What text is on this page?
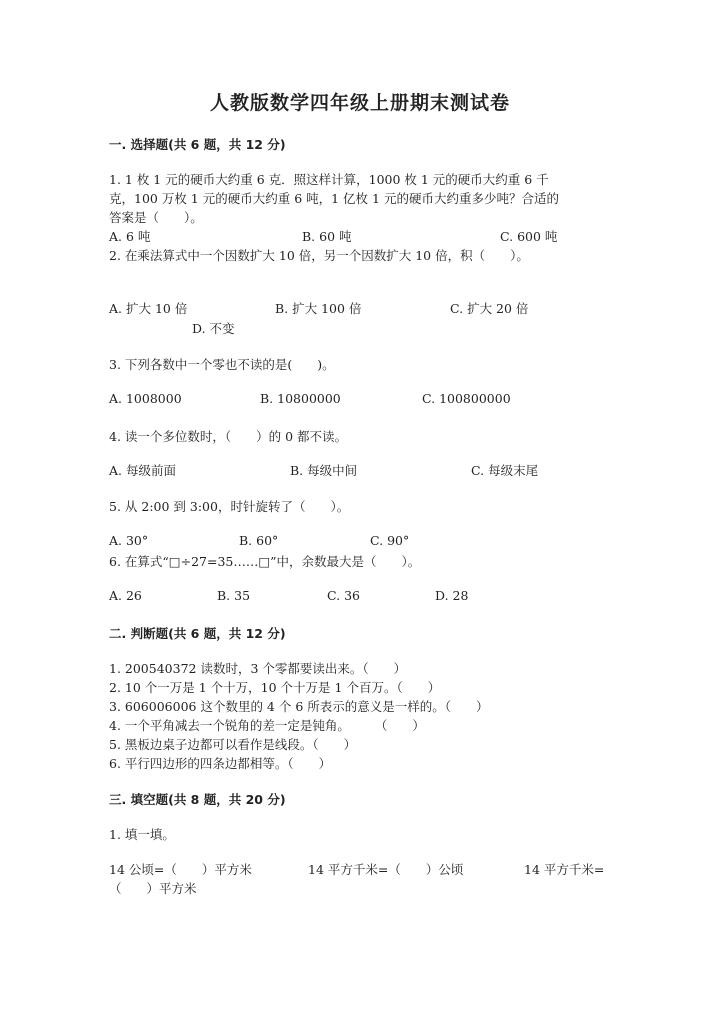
人教版数学四年级上册期末测试卷
一. 选择题(共 6 题，共 12 分)
1. 1 枚 1 元的硬币大约重 6 克．照这样计算，1000 枚 1 元的硬币大约重 6 千
克，100 万枚 1 元的硬币大约重 6 吨，1 亿枚 1 元的硬币大约重多少吨？合适的
答案是（　　）。
A. 6 吨	B. 60 吨	C. 600 吨
2. 在乘法算式中一个因数扩大 10 倍，另一个因数扩大 10 倍，积（　　）。
A. 扩大 10 倍	B. 扩大 100 倍	C. 扩大 20 倍
D. 不变
3. 下列各数中一个零也不读的是(　　)。
A. 1008000	B. 10800000	C. 100800000
4. 读一个多位数时，（　　）的 0 都不读。
A. 每级前面	B. 每级中间	C. 每级末尾
5. 从 2:00 到 3:00，时针旋转了（　　）。
A. 30°	B. 60°	C. 90°
6. 在算式“□÷27=35……□”中，余数最大是（　　）。
A. 26	B. 35	C. 36	D. 28
二. 判断题(共 6 题，共 12 分)
1. 200540372 读数时，3 个零都要读出来。（　　）
2. 10 个一万是 1 个十万，10 个十万是 1 个百万。（　　）
3. 606006006 这个数里的 4 个 6 所表示的意义是一样的。（　　）
4. 一个平角减去一个锐角的差一定是钝角。　　　（　　）
5. 黑板边桌子边都可以看作是线段。（　　）
6. 平行四边形的四条边都相等。（　　）
三. 填空题(共 8 题，共 20 分)
1. 填一填。
14 公顷=（　　）平方米	14 平方千米=（　　）公顷	14 平方千米=
（　　）平方米
